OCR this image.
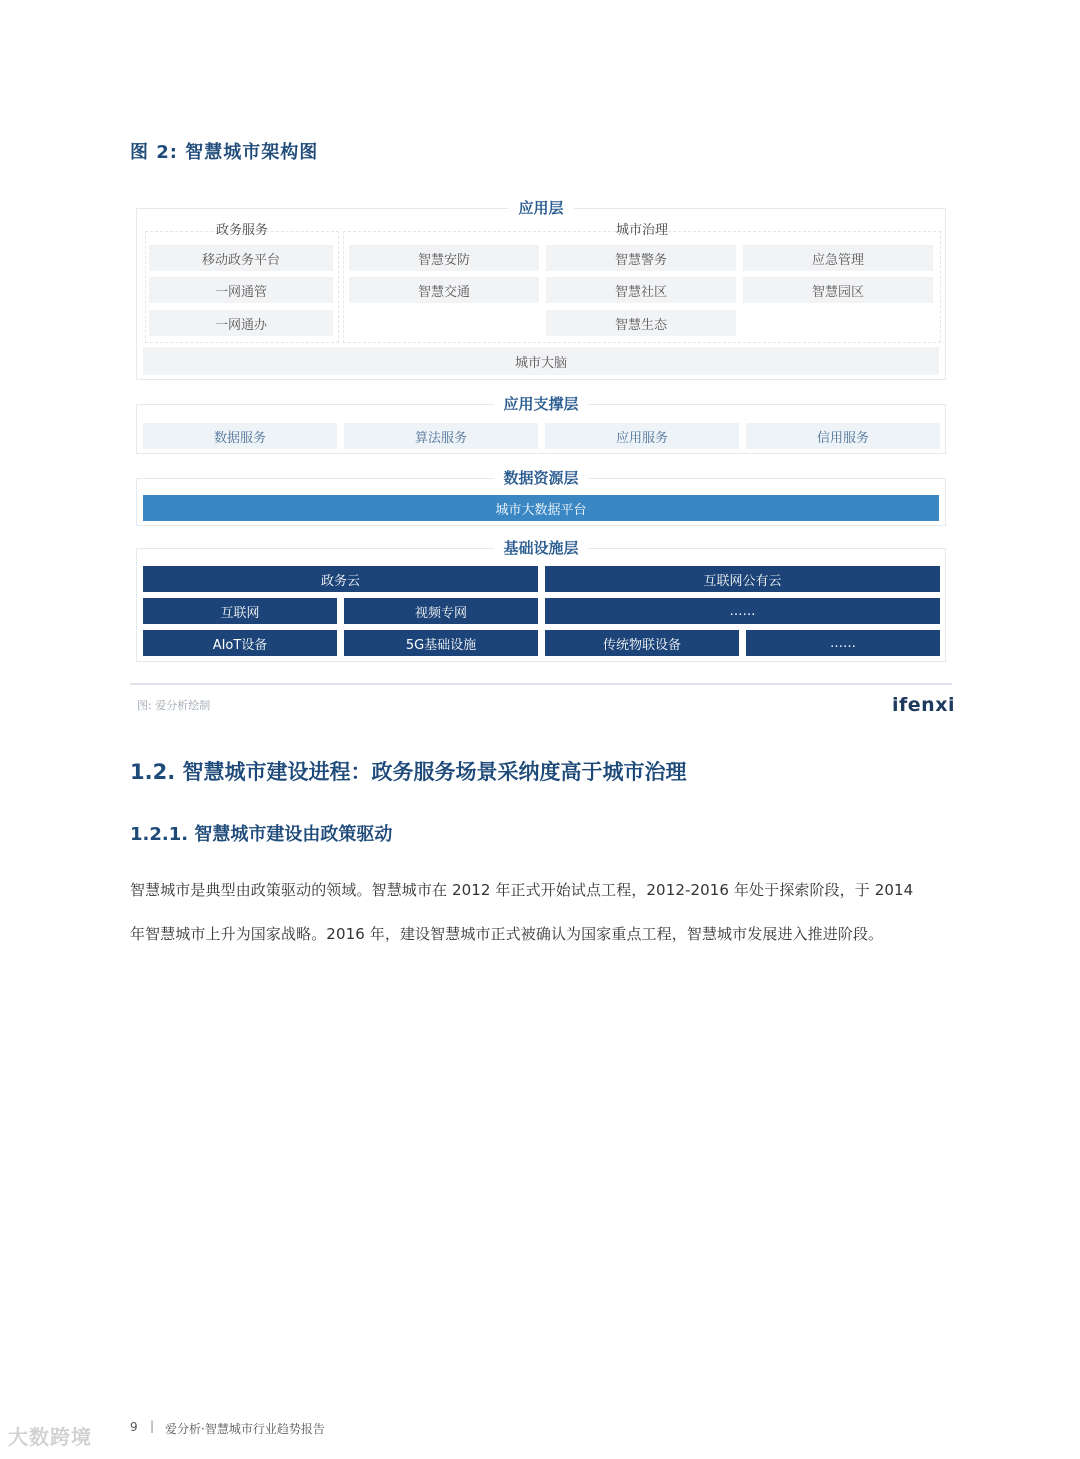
图 2: 智慧城市架构图
应用层
政务服务	城市治理
移动政务平台
一网通管
一网通办
智慧安防	智慧警务	应急管理
智慧交通	智慧社区	智慧园区
智慧生态
城市大脑
应用支撑层
数据服务	算法服务	应用服务	信用服务
数据资源层
城市大数据平台
基础设施层
政务云	互联网公有云
互联网	视频专网	……
AIoT设备	5G基础设施	传统物联设备	……
图: 爱分析绘制	ifenxi
1.2. 智慧城市建设进程：政务服务场景采纳度高于城市治理
1.2.1. 智慧城市建设由政策驱动
智慧城市是典型由政策驱动的领域。智慧城市在 2012 年正式开始试点工程，2012-2016 年处于探索阶段，于 2014
年智慧城市上升为国家战略。2016 年，建设智慧城市正式被确认为国家重点工程，智慧城市发展进入推进阶段。
大数跨境	9 | 爱分析·智慧城市行业趋势报告
